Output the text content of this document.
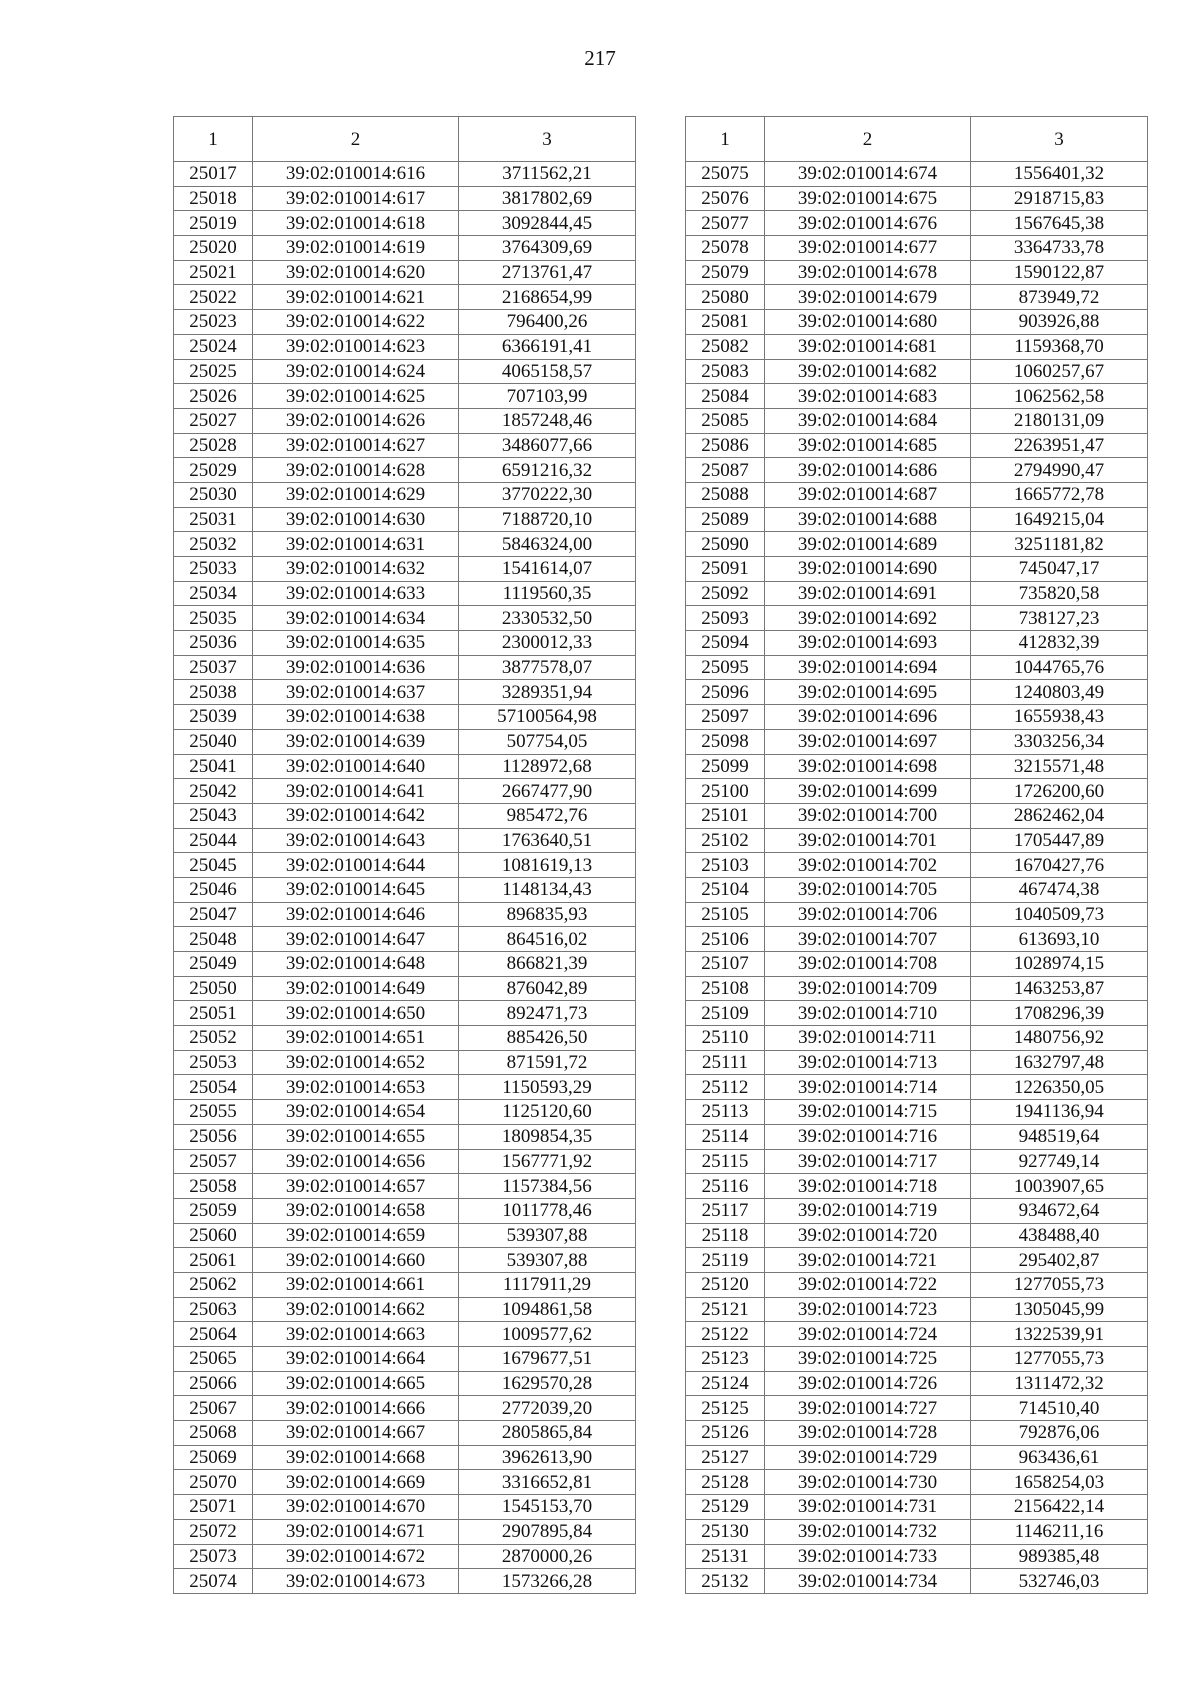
217
1	2	3
25017	39:02:010014:616	3711562,21
25018	39:02:010014:617	3817802,69
25019	39:02:010014:618	3092844,45
25020	39:02:010014:619	3764309,69
25021	39:02:010014:620	2713761,47
25022	39:02:010014:621	2168654,99
25023	39:02:010014:622	796400,26
25024	39:02:010014:623	6366191,41
25025	39:02:010014:624	4065158,57
25026	39:02:010014:625	707103,99
25027	39:02:010014:626	1857248,46
25028	39:02:010014:627	3486077,66
25029	39:02:010014:628	6591216,32
25030	39:02:010014:629	3770222,30
25031	39:02:010014:630	7188720,10
25032	39:02:010014:631	5846324,00
25033	39:02:010014:632	1541614,07
25034	39:02:010014:633	1119560,35
25035	39:02:010014:634	2330532,50
25036	39:02:010014:635	2300012,33
25037	39:02:010014:636	3877578,07
25038	39:02:010014:637	3289351,94
25039	39:02:010014:638	57100564,98
25040	39:02:010014:639	507754,05
25041	39:02:010014:640	1128972,68
25042	39:02:010014:641	2667477,90
25043	39:02:010014:642	985472,76
25044	39:02:010014:643	1763640,51
25045	39:02:010014:644	1081619,13
25046	39:02:010014:645	1148134,43
25047	39:02:010014:646	896835,93
25048	39:02:010014:647	864516,02
25049	39:02:010014:648	866821,39
25050	39:02:010014:649	876042,89
25051	39:02:010014:650	892471,73
25052	39:02:010014:651	885426,50
25053	39:02:010014:652	871591,72
25054	39:02:010014:653	1150593,29
25055	39:02:010014:654	1125120,60
25056	39:02:010014:655	1809854,35
25057	39:02:010014:656	1567771,92
25058	39:02:010014:657	1157384,56
25059	39:02:010014:658	1011778,46
25060	39:02:010014:659	539307,88
25061	39:02:010014:660	539307,88
25062	39:02:010014:661	1117911,29
25063	39:02:010014:662	1094861,58
25064	39:02:010014:663	1009577,62
25065	39:02:010014:664	1679677,51
25066	39:02:010014:665	1629570,28
25067	39:02:010014:666	2772039,20
25068	39:02:010014:667	2805865,84
25069	39:02:010014:668	3962613,90
25070	39:02:010014:669	3316652,81
25071	39:02:010014:670	1545153,70
25072	39:02:010014:671	2907895,84
25073	39:02:010014:672	2870000,26
25074	39:02:010014:673	1573266,28
1	2	3
25075	39:02:010014:674	1556401,32
25076	39:02:010014:675	2918715,83
25077	39:02:010014:676	1567645,38
25078	39:02:010014:677	3364733,78
25079	39:02:010014:678	1590122,87
25080	39:02:010014:679	873949,72
25081	39:02:010014:680	903926,88
25082	39:02:010014:681	1159368,70
25083	39:02:010014:682	1060257,67
25084	39:02:010014:683	1062562,58
25085	39:02:010014:684	2180131,09
25086	39:02:010014:685	2263951,47
25087	39:02:010014:686	2794990,47
25088	39:02:010014:687	1665772,78
25089	39:02:010014:688	1649215,04
25090	39:02:010014:689	3251181,82
25091	39:02:010014:690	745047,17
25092	39:02:010014:691	735820,58
25093	39:02:010014:692	738127,23
25094	39:02:010014:693	412832,39
25095	39:02:010014:694	1044765,76
25096	39:02:010014:695	1240803,49
25097	39:02:010014:696	1655938,43
25098	39:02:010014:697	3303256,34
25099	39:02:010014:698	3215571,48
25100	39:02:010014:699	1726200,60
25101	39:02:010014:700	2862462,04
25102	39:02:010014:701	1705447,89
25103	39:02:010014:702	1670427,76
25104	39:02:010014:705	467474,38
25105	39:02:010014:706	1040509,73
25106	39:02:010014:707	613693,10
25107	39:02:010014:708	1028974,15
25108	39:02:010014:709	1463253,87
25109	39:02:010014:710	1708296,39
25110	39:02:010014:711	1480756,92
25111	39:02:010014:713	1632797,48
25112	39:02:010014:714	1226350,05
25113	39:02:010014:715	1941136,94
25114	39:02:010014:716	948519,64
25115	39:02:010014:717	927749,14
25116	39:02:010014:718	1003907,65
25117	39:02:010014:719	934672,64
25118	39:02:010014:720	438488,40
25119	39:02:010014:721	295402,87
25120	39:02:010014:722	1277055,73
25121	39:02:010014:723	1305045,99
25122	39:02:010014:724	1322539,91
25123	39:02:010014:725	1277055,73
25124	39:02:010014:726	1311472,32
25125	39:02:010014:727	714510,40
25126	39:02:010014:728	792876,06
25127	39:02:010014:729	963436,61
25128	39:02:010014:730	1658254,03
25129	39:02:010014:731	2156422,14
25130	39:02:010014:732	1146211,16
25131	39:02:010014:733	989385,48
25132	39:02:010014:734	532746,03
